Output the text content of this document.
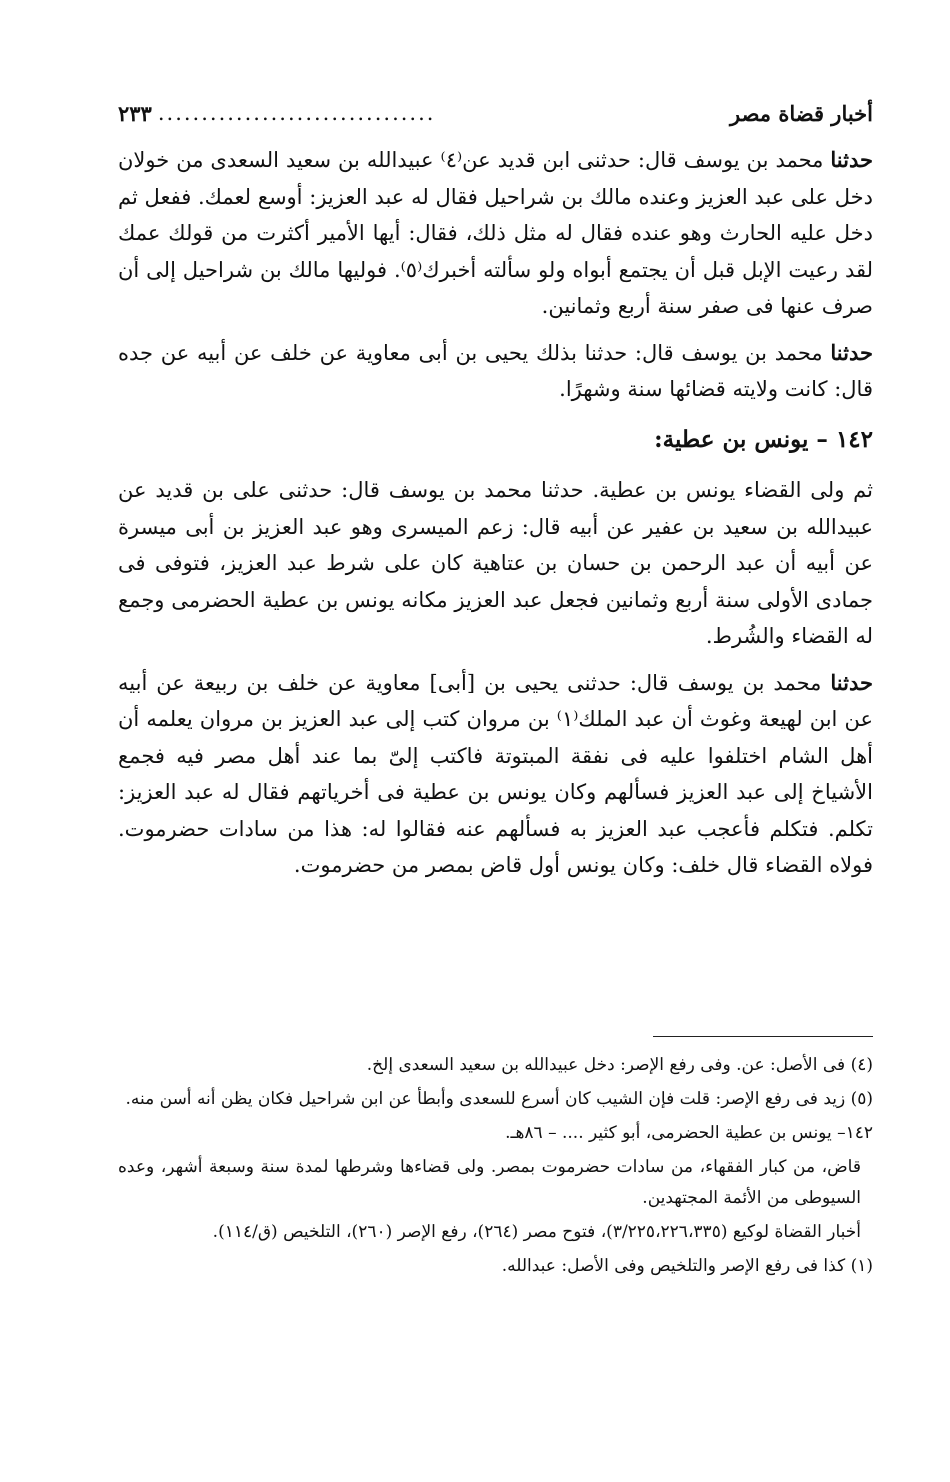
أخبار قضاة مصر
................................
٢٣٣

حدثنا محمد بن يوسف قال: حدثنى ابن قديد عن⁽٤⁾ عبيدالله بن سعيد السعدى من خولان دخل على عبد العزيز وعنده مالك بن شراحيل فقال له عبد العزيز: أوسع لعمك. ففعل ثم دخل عليه الحارث وهو عنده فقال له مثل ذلك، فقال: أيها الأمير أكثرت من قولك عمك لقد رعيت الإبل قبل أن يجتمع أبواه ولو سألته أخبرك⁽٥⁾. فوليها مالك بن شراحيل إلى أن صرف عنها فى صفر سنة أربع وثمانين.

حدثنا محمد بن يوسف قال: حدثنا بذلك يحيى بن أبى معاوية عن خلف عن أبيه عن جده قال: كانت ولايته قضائها سنة وشهرًا.

١٤٢ – يونس بن عطية:

ثم ولى القضاء يونس بن عطية. حدثنا محمد بن يوسف قال: حدثنى على بن قديد عن عبيدالله بن سعيد بن عفير عن أبيه قال: زعم الميسرى وهو عبد العزيز بن أبى ميسرة عن أبيه أن عبد الرحمن بن حسان بن عتاهية كان على شرط عبد العزيز، فتوفى فى جمادى الأولى سنة أربع وثمانين فجعل عبد العزيز مكانه يونس بن عطية الحضرمى وجمع له القضاء والشُرط.

حدثنا محمد بن يوسف قال: حدثنى يحيى بن [أبى] معاوية عن خلف بن ربيعة عن أبيه عن ابن لهيعة وغوث أن عبد الملك⁽١⁾ بن مروان كتب إلى عبد العزيز بن مروان يعلمه أن أهل الشام اختلفوا عليه فى نفقة المبتوتة فاكتب إلىّ بما عند أهل مصر فيه فجمع الأشياخ إلى عبد العزيز فسألهم وكان يونس بن عطية فى أخرياتهم فقال له عبد العزيز: تكلم. فتكلم فأعجب عبد العزيز به فسألهم عنه فقالوا له: هذا من سادات حضرموت. فولاه القضاء قال خلف: وكان يونس أول قاض بمصر من حضرموت.

(٤) فى الأصل: عن. وفى رفع الإصر: دخل عبيدالله بن سعيد السعدى إلخ.

(٥) زيد فى رفع الإصر: قلت فإن الشيب كان أسرع للسعدى وأبطأ عن ابن شراحيل فكان يظن أنه أسن منه.

١٤٢– يونس بن عطية الحضرمى، أبو كثير .... – ٨٦هـ.

قاض، من كبار الفقهاء، من سادات حضرموت بمصر. ولى قضاءها وشرطها لمدة سنة وسبعة أشهر، وعده السيوطى من الأئمة المجتهدين.

أخبار القضاة لوكيع (٣/٢٢٥،٢٢٦،٣٣٥)، فتوح مصر (٢٦٤)، رفع الإصر (٢٦٠)، التلخيص (ق/١١٤).

(١) كذا فى رفع الإصر والتلخيص وفى الأصل: عبدالله.
